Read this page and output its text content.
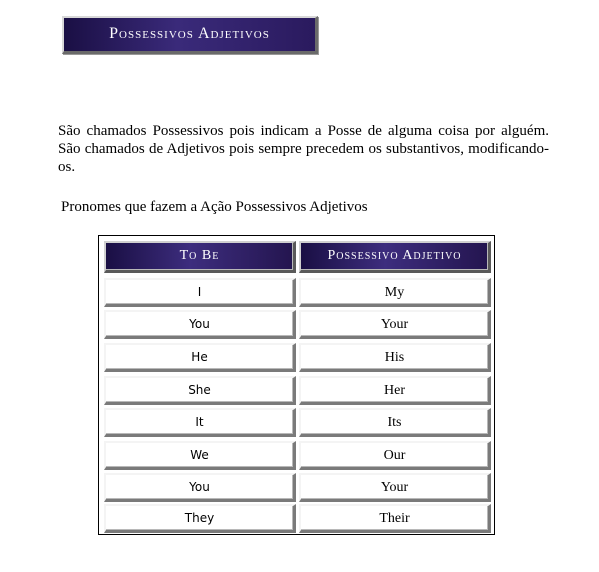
Possessivos Adjetivos

São chamados Possessivos pois indicam a Posse de alguma coisa por alguém. São chamados de Adjetivos pois sempre precedem os substantivos, modificando-os.

Pronomes que fazem a Ação Possessivos Adjetivos

To Be	Possessivo Adjetivo
I	My
You	Your
He	His
She	Her
It	Its
We	Our
You	Your
They	Their
